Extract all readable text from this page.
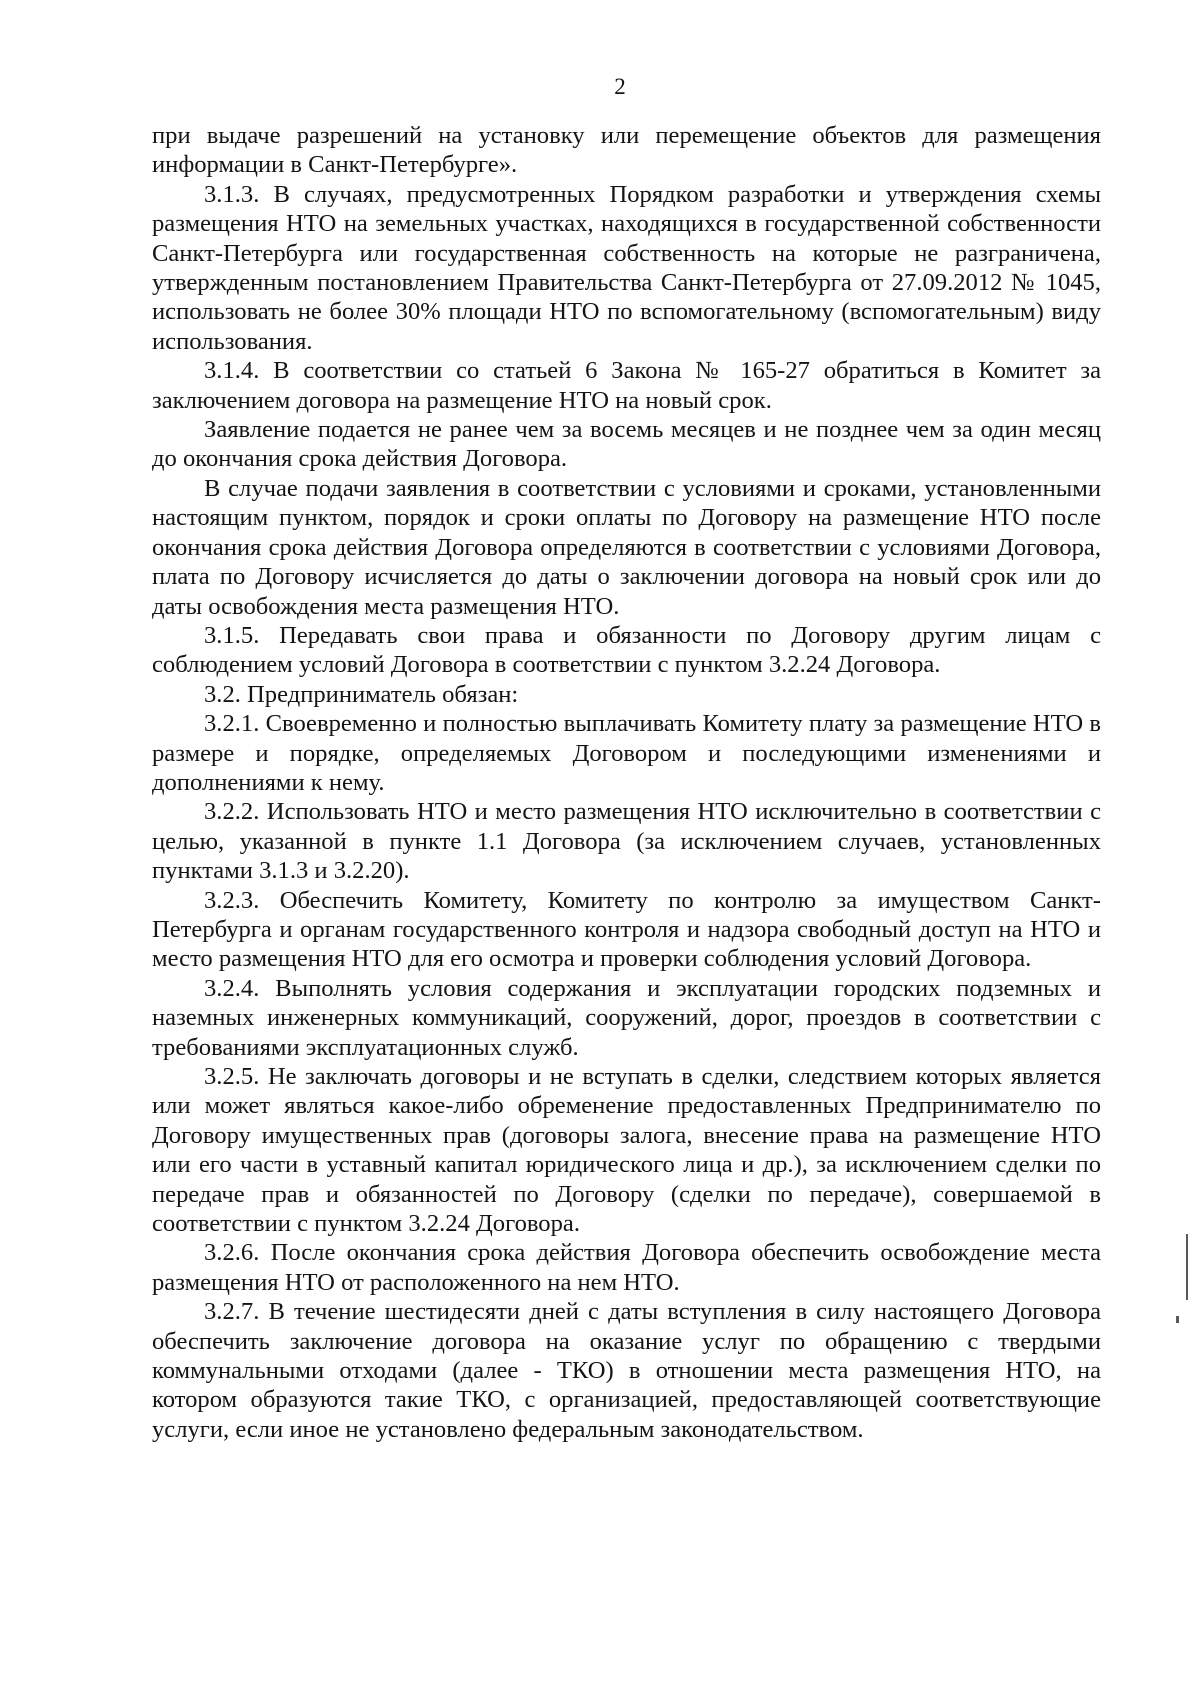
2

при выдаче разрешений на установку или перемещение объектов для размещения информации в Санкт-Петербурге».

3.1.3. В случаях, предусмотренных Порядком разработки и утверждения схемы размещения НТО на земельных участках, находящихся в государственной собственности Санкт-Петербурга или государственная собственность на которые не разграничена, утвержденным постановлением Правительства Санкт-Петербурга от 27.09.2012 № 1045, использовать не более 30% площади НТО по вспомогательному (вспомогательным) виду использования.

3.1.4. В соответствии со статьей 6 Закона № 165-27 обратиться в Комитет за заключением договора на размещение НТО на новый срок.

Заявление подается не ранее чем за восемь месяцев и не позднее чем за один месяц до окончания срока действия Договора.

В случае подачи заявления в соответствии с условиями и сроками, установленными настоящим пунктом, порядок и сроки оплаты по Договору на размещение НТО после окончания срока действия Договора определяются в соответствии с условиями Договора, плата по Договору исчисляется до даты о заключении договора на новый срок или до даты освобождения места размещения НТО.

3.1.5. Передавать свои права и обязанности по Договору другим лицам с соблюдением условий Договора в соответствии с пунктом 3.2.24 Договора.

3.2. Предприниматель обязан:

3.2.1. Своевременно и полностью выплачивать Комитету плату за размещение НТО в размере и порядке, определяемых Договором и последующими изменениями и дополнениями к нему.

3.2.2. Использовать НТО и место размещения НТО исключительно в соответствии с целью, указанной в пункте 1.1 Договора (за исключением случаев, установленных пунктами 3.1.3 и 3.2.20).

3.2.3. Обеспечить Комитету, Комитету по контролю за имуществом Санкт-Петербурга и органам государственного контроля и надзора свободный доступ на НТО и место размещения НТО для его осмотра и проверки соблюдения условий Договора.

3.2.4. Выполнять условия содержания и эксплуатации городских подземных и наземных инженерных коммуникаций, сооружений, дорог, проездов в соответствии с требованиями эксплуатационных служб.

3.2.5. Не заключать договоры и не вступать в сделки, следствием которых является или может являться какое-либо обременение предоставленных Предпринимателю по Договору имущественных прав (договоры залога, внесение права на размещение НТО или его части в уставный капитал юридического лица и др.), за исключением сделки по передаче прав и обязанностей по Договору (сделки по передаче), совершаемой в соответствии с пунктом 3.2.24 Договора.

3.2.6. После окончания срока действия Договора обеспечить освобождение места размещения НТО от расположенного на нем НТО.

3.2.7. В течение шестидесяти дней с даты вступления в силу настоящего Договора обеспечить заключение договора на оказание услуг по обращению с твердыми коммунальными отходами (далее - ТКО) в отношении места размещения НТО, на котором образуются такие ТКО, с организацией, предоставляющей соответствующие услуги, если иное не установлено федеральным законодательством.
